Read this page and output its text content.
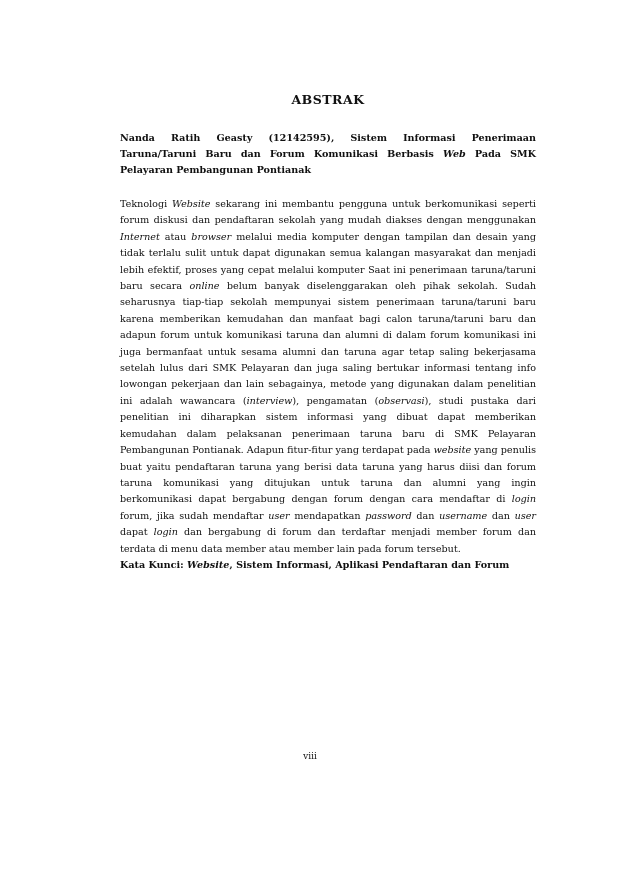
ABSTRAK

Nanda Ratih Geasty (12142595), Sistem Informasi Penerimaan Taruna/Taruni Baru dan Forum Komunikasi Berbasis Web Pada SMK Pelayaran Pembangunan Pontianak

Teknologi Website sekarang ini membantu pengguna untuk berkomunikasi seperti forum diskusi dan pendaftaran sekolah yang mudah diakses dengan menggunakan Internet atau browser melalui media komputer dengan tampilan dan desain yang tidak terlalu sulit untuk dapat digunakan semua kalangan masyarakat dan menjadi lebih efektif, proses yang cepat melalui komputer Saat ini penerimaan taruna/taruni baru secara online belum banyak diselenggarakan oleh pihak sekolah. Sudah seharusnya tiap-tiap sekolah mempunyai sistem penerimaan taruna/taruni baru karena memberikan kemudahan dan manfaat bagi calon taruna/taruni baru dan adapun forum untuk komunikasi taruna dan alumni di dalam forum komunikasi ini juga bermanfaat untuk sesama alumni dan taruna agar tetap saling bekerjasama setelah lulus dari SMK Pelayaran dan juga saling bertukar informasi tentang info lowongan pekerjaan dan lain sebagainya, metode yang digunakan dalam penelitian ini adalah wawancara (interview), pengamatan (observasi), studi pustaka dari penelitian ini diharapkan sistem informasi yang dibuat dapat memberikan kemudahan dalam pelaksanan penerimaan taruna baru di SMK Pelayaran Pembangunan Pontianak. Adapun fitur-fitur yang terdapat pada website yang penulis buat yaitu pendaftaran taruna yang berisi data taruna yang harus diisi dan forum taruna komunikasi yang ditujukan untuk taruna dan alumni yang ingin berkomunikasi dapat bergabung dengan forum dengan cara mendaftar di login forum, jika sudah mendaftar user mendapatkan password dan username dan user dapat login dan bergabung di forum dan terdaftar menjadi member forum dan terdata di menu data member atau member lain pada forum tersebut.

Kata Kunci: Website, Sistem Informasi, Aplikasi Pendaftaran dan Forum

viii
